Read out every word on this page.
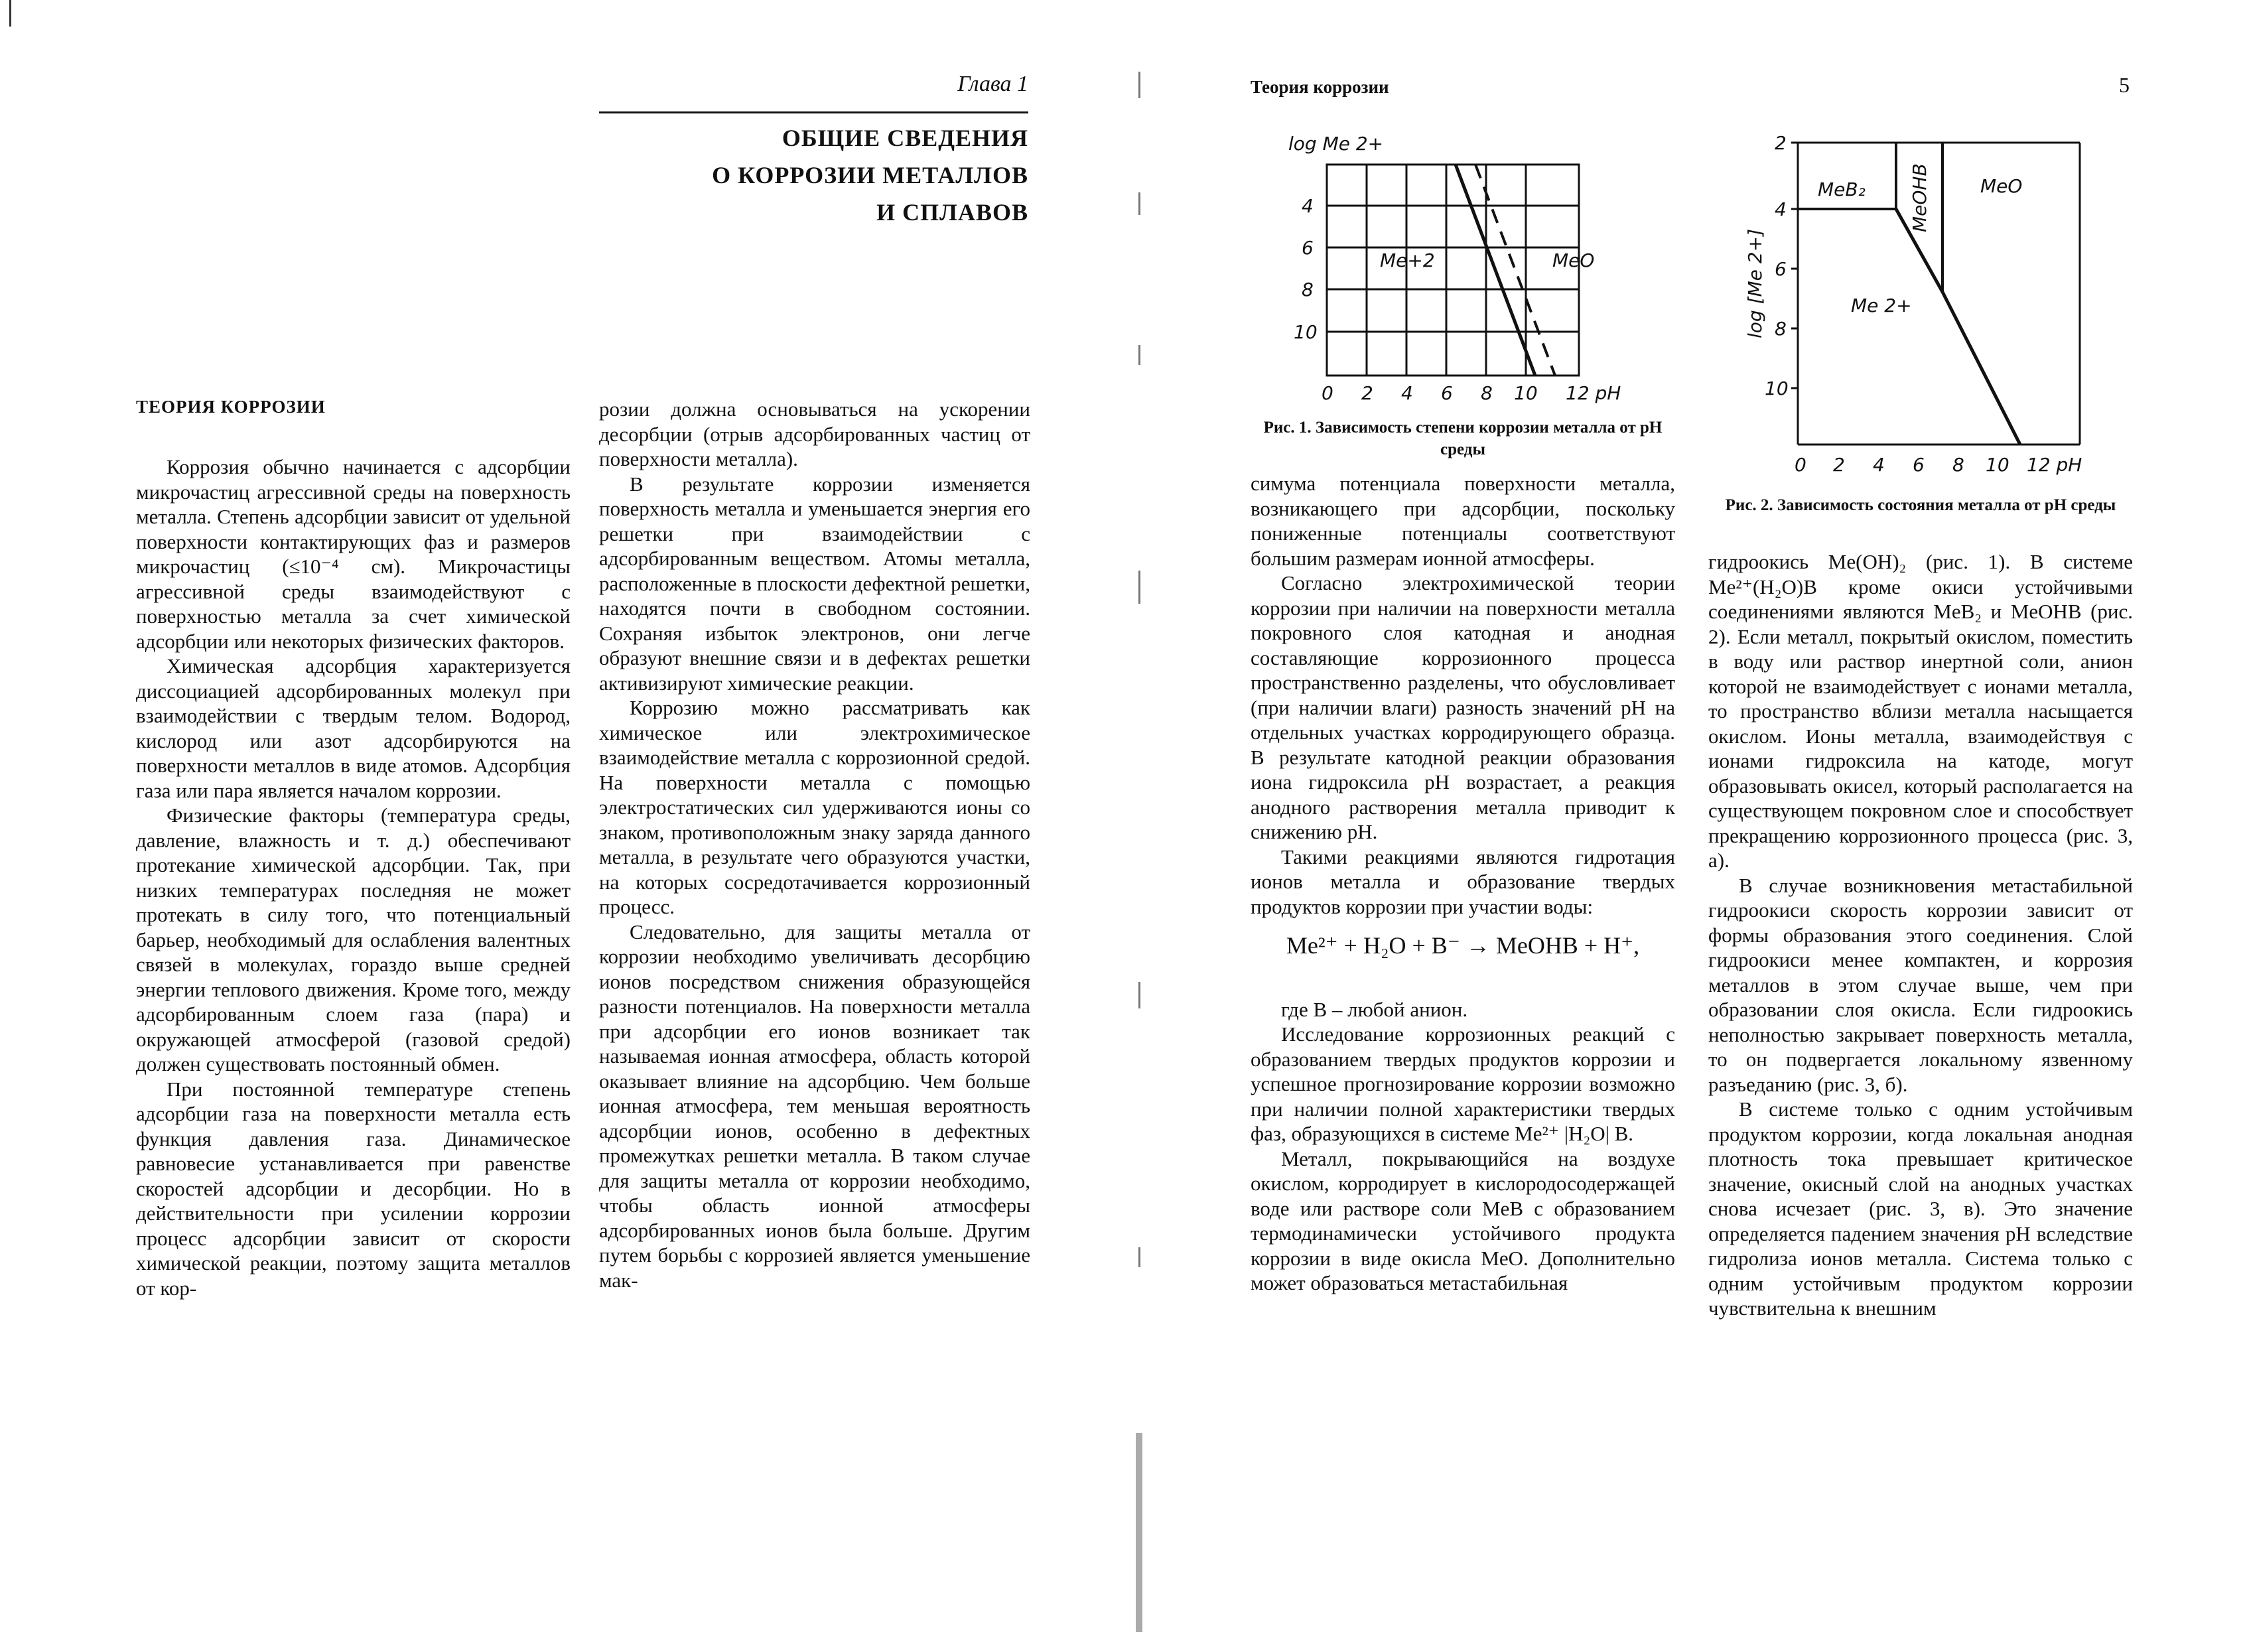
Глава 1
ОБЩИЕ СВЕДЕНИЯ
О КОРРОЗИИ МЕТАЛЛОВ
И СПЛАВОВ
ТЕОРИЯ КОРРОЗИИ

Коррозия обычно начинается с адсорбции микрочастиц агрессивной среды на поверхность металла. Степень адсорбции зависит от удельной поверхности контактирующих фаз и размеров микрочастиц (≤10⁻⁴ см). Микрочастицы агрессивной среды взаимодействуют с поверхностью металла за счет химической адсорбции или некоторых физических факторов.

Химическая адсорбция характеризуется диссоциацией адсорбированных молекул при взаимодействии с твердым телом. Водород, кислород или азот адсорбируются на поверхности металлов в виде атомов. Адсорбция газа или пара является началом коррозии.

Физические факторы (температура среды, давление, влажность и т. д.) обеспечивают протекание химической адсорбции. Так, при низких температурах последняя не может протекать в силу того, что потенциальный барьер, необходимый для ослабления валентных связей в молекулах, гораздо выше средней энергии теплового движения. Кроме того, между адсорбированным слоем газа (пара) и окружающей атмосферой (газовой средой) должен существовать постоянный обмен.

При постоянной температуре степень адсорбции газа на поверхности металла есть функция давления газа. Динамическое равновесие устанавливается при равенстве скоростей адсорбции и десорбции. Но в действительности при усилении коррозии процесс адсорбции зависит от скорости химической реакции, поэтому защита металлов от кор-

розии должна основываться на ускорении десорбции (отрыв адсорбированных частиц от поверхности металла).

В результате коррозии изменяется поверхность металла и уменьшается энергия его решетки при взаимодействии с адсорбированным веществом. Атомы металла, расположенные в плоскости дефектной решетки, находятся почти в свободном состоянии. Сохраняя избыток электронов, они легче образуют внешние связи и в дефектах решетки активизируют химические реакции.

Коррозию можно рассматривать как химическое или электрохимическое взаимодействие металла с коррозионной средой. На поверхности металла с помощью электростатических сил удерживаются ионы со знаком, противоположным знаку заряда данного металла, в результате чего образуются участки, на которых сосредотачивается коррозионный процесс.

Следовательно, для защиты металла от коррозии необходимо увеличивать десорбцию ионов посредством снижения образующейся разности потенциалов. На поверхности металла при адсорбции его ионов возникает так называемая ионная атмосфера, область которой оказывает влияние на адсорбцию. Чем больше ионная атмосфера, тем меньшая вероятность адсорбции ионов, особенно в дефектных промежутках решетки металла. В таком случае для защиты металла от коррозии необходимо, чтобы область ионной атмосферы адсорбированных ионов была больше. Другим путем борьбы с коррозией является уменьшение мак-

Теория коррозии	5
log Me 2+
4
6
8
10
0 2 4 6 8 10 12 pH
Me+2	MeO
Рис. 1. Зависимость степени коррозии металла от pH среды
2
4
6
8
10
log [Me 2+]
0 2 4 6 8 10 12 pH
MeB₂ MeOHB	MeO
Me 2+
Рис. 2. Зависимость состояния металла от pH среды

симума потенциала поверхности металла, возникающего при адсорбции, поскольку пониженные потенциалы соответствуют большим размерам ионной атмосферы.

Согласно электрохимической теории коррозии при наличии на поверхности металла покровного слоя катодная и анодная составляющие коррозионного процесса пространственно разделены, что обусловливает (при наличии влаги) разность значений pH на отдельных участках корродирующего образца. В результате катодной реакции образования иона гидроксила pH возрастает, а реакция анодного растворения металла приводит к снижению pH.

Такими реакциями являются гидротация ионов металла и образование твердых продуктов коррозии при участии воды:

Me²⁺ + H₂O + B⁻ → MeOHB + H⁺,

где B – любой анион.

Исследование коррозионных реакций с образованием твердых продуктов коррозии и успешное прогнозирование коррозии возможно при наличии полной характеристики твердых фаз, образующихся в системе Me²⁺ |H₂O| B.

Металл, покрывающийся на воздухе окислом, корродирует в кислородосодержащей воде или растворе соли MeB с образованием термодинамически устойчивого продукта коррозии в виде окисла MeO. Дополнительно может образоваться метастабильная

гидроокись Me(OH)₂ (рис. 1). В системе Me²⁺(H₂O)B кроме окиси устойчивыми соединениями являются MeB₂ и MeOHB (рис. 2). Если металл, покрытый окислом, поместить в воду или раствор инертной соли, анион которой не взаимодействует с ионами металла, то пространство вблизи металла насыщается окислом. Ионы металла, взаимодействуя с ионами гидроксила на катоде, могут образовывать окисел, который располагается на существующем покровном слое и способствует прекращению коррозионного процесса (рис. 3, а).

В случае возникновения метастабильной гидроокиси скорость коррозии зависит от формы образования этого соединения. Слой гидроокиси менее компактен, и коррозия металлов в этом случае выше, чем при образовании слоя окисла. Если гидроокись неполностью закрывает поверхность металла, то он подвергается локальному язвенному разъеданию (рис. 3, б).

В системе только с одним устойчивым продуктом коррозии, когда локальная анодная плотность тока превышает критическое значение, окисный слой на анодных участках снова исчезает (рис. 3, в). Это значение определяется падением значения pH вследствие гидролиза ионов металла. Система только с одним устойчивым продуктом коррозии чувствительна к внешним
